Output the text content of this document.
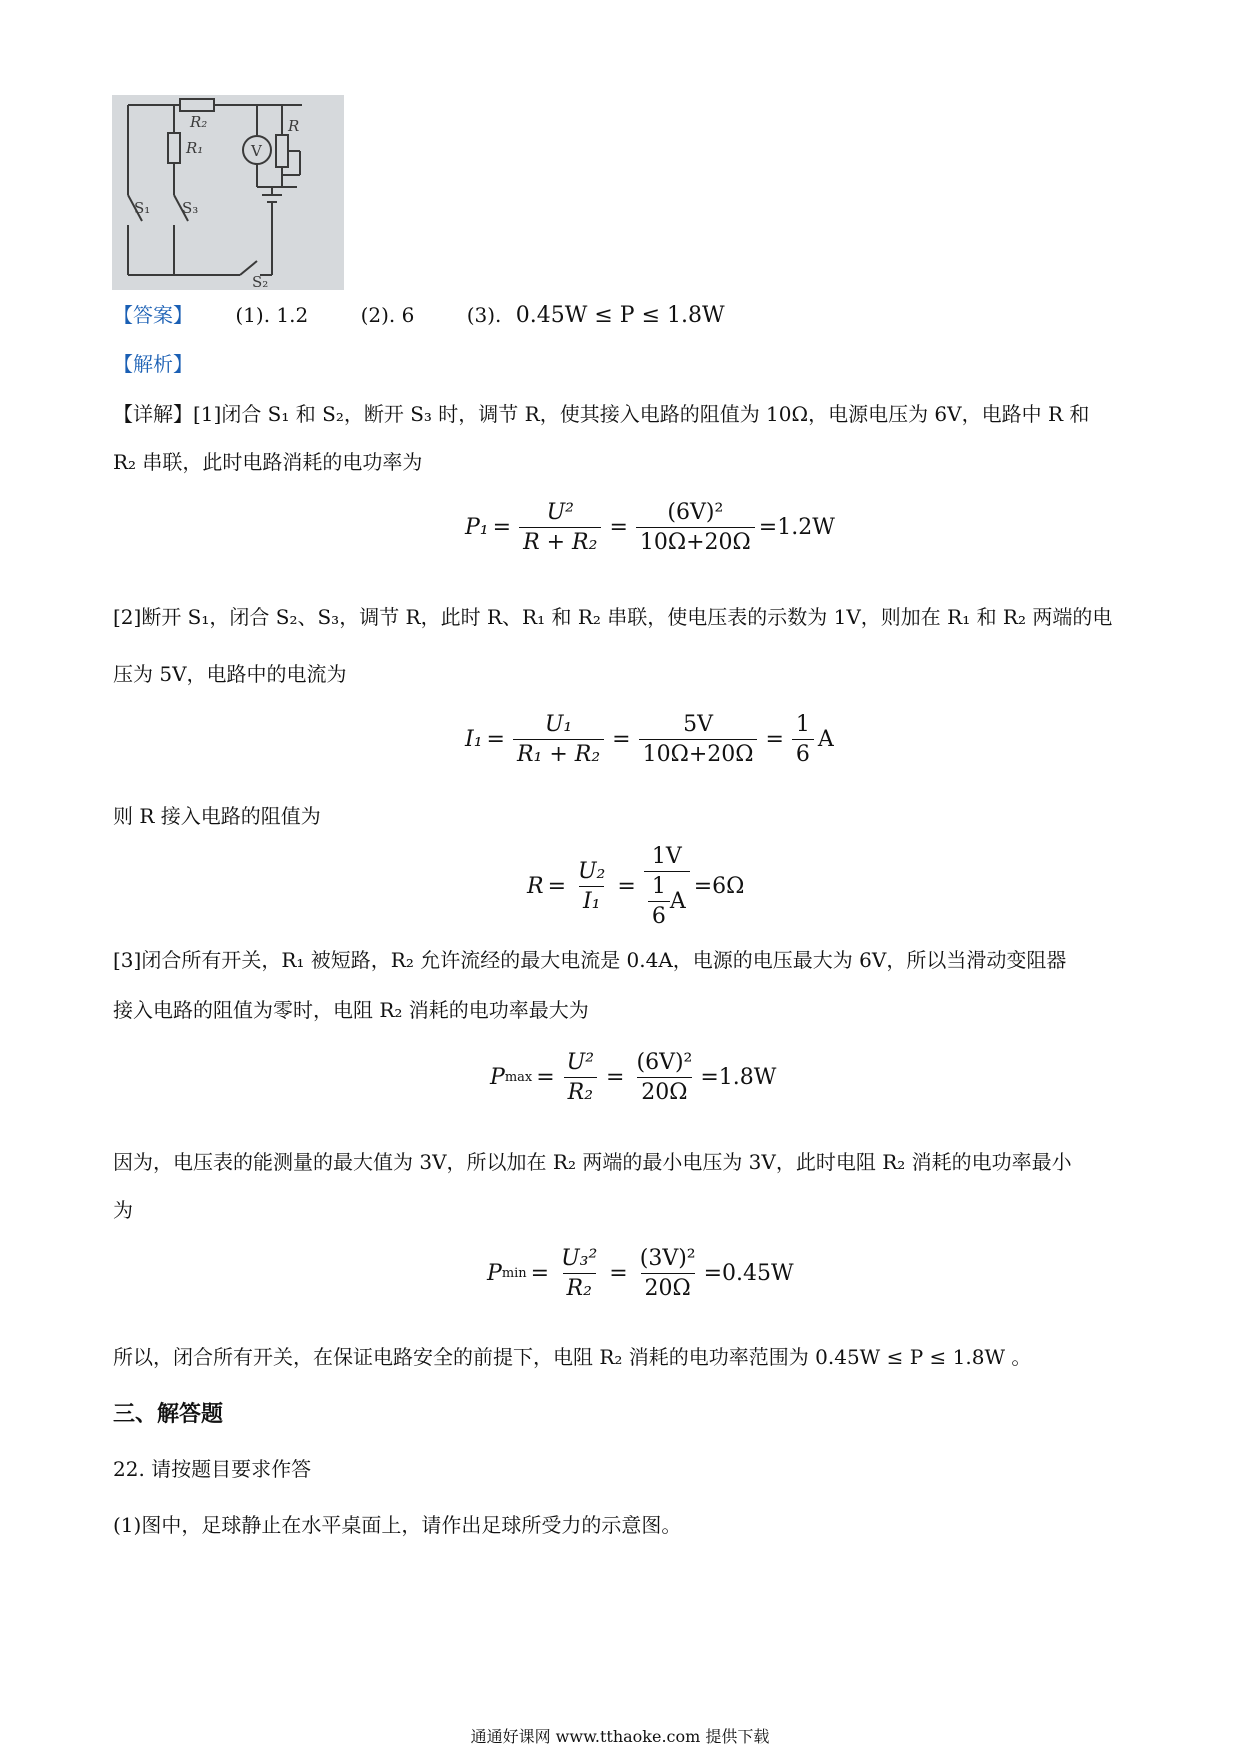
R₂
R₁	V
R
S₁ S₃
S₂
【答案】 (1). 1.2	(2). 6	(3). 0.45W ≤ P ≤ 1.8W
【解析】
【详解】[1]闭合 S₁ 和 S₂，断开 S₃ 时，调节 R，使其接入电路的阻值为 10Ω，电源电压为 6V，电路中 R 和
R₂ 串联，此时电路消耗的电功率为
$P_1 = \frac{\text{U²}}{\text{R + R₂}} = \frac{\text{(6V)²}}{10\Omega+20\Omega} =1.2W$
[2]断开 S₁，闭合 S₂、S₃，调节 R，此时 R、R₁ 和 R₂ 串联，使电压表的示数为 1V，则加在 R₁ 和 R₂ 两端的电
压为 5V，电路中的电流为
$I_1 = \frac{\text{U₁}}{\text{R₁ + R₂}} = \frac{5V}{10\Omega+20\Omega} = \frac{1}{6}$ A
则 R 接入电路的阻值为
$R = \frac{\text{U₂}}{\text{I₁}} = \frac{1V}{\frac{1}{6} A} =6\Omega$
[3]闭合所有开关，R₁ 被短路，R₂ 允许流经的最大电流是 0.4A，电源的电压最大为 6V，所以当滑动变阻器
接入电路的阻值为零时，电阻 R₂ 消耗的电功率最大为
P $\max = \frac{\text{U²}}{\text{R₂}} = \frac{\text{(6V)²}}{20\Omega} =1.8W$
因为，电压表的能测量的最大值为 3V，所以加在 R₂ 两端的最小电压为 3V，此时电阻 R₂ 消耗的电功率最小
为
P $\min = \frac{\text{U₃²}}{\text{R₂}} = \frac{\text{(3V)²}}{20\Omega} =0.45W$
所以，闭合所有开关，在保证电路安全的前提下，电阻 R₂ 消耗的电功率范围为 0.45W ≤ P ≤ 1.8W 。
三、解答题
22. 请按题目要求作答
(1)图中，足球静止在水平桌面上，请作出足球所受力的示意图。
通通好课网 www.tthaoke.com 提供下载
